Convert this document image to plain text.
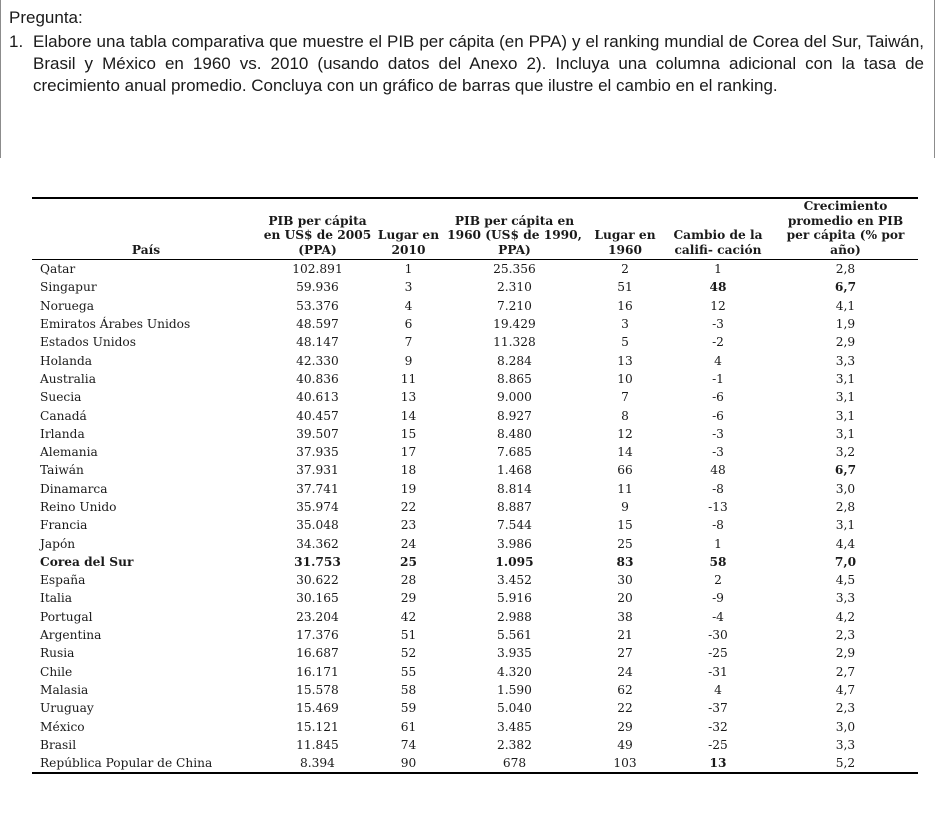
Pregunta:
1. Elabore una tabla comparativa que muestre el PIB per cápita (en PPA) y el ranking mundial de Corea del Sur, Taiwán, Brasil y México en 1960 vs. 2010 (usando datos del Anexo 2). Incluya una columna adicional con la tasa de crecimiento anual promedio. Concluya con un gráfico de barras que ilustre el cambio en el ranking.
País	PIB per cápita en US$ de 2005 (PPA)	Lugar en 2010	PIB per cápita en 1960 (US$ de 1990, PPA)	Lugar en 1960	Cambio de la califi- cación	Crecimiento promedio en PIB per cápita (% por año)
Qatar	102.891	1	25.356	2	1	2,8
Singapur	59.936	3	2.310	51	48	6,7
Noruega	53.376	4	7.210	16	12	4,1
Emiratos Árabes Unidos	48.597	6	19.429	3	-3	1,9
Estados Unidos	48.147	7	11.328	5	-2	2,9
Holanda	42.330	9	8.284	13	4	3,3
Australia	40.836	11	8.865	10	-1	3,1
Suecia	40.613	13	9.000	7	-6	3,1
Canadá	40.457	14	8.927	8	-6	3,1
Irlanda	39.507	15	8.480	12	-3	3,1
Alemania	37.935	17	7.685	14	-3	3,2
Taiwán	37.931	18	1.468	66	48	6,7
Dinamarca	37.741	19	8.814	11	-8	3,0
Reino Unido	35.974	22	8.887	9	-13	2,8
Francia	35.048	23	7.544	15	-8	3,1
Japón	34.362	24	3.986	25	1	4,4
Corea del Sur	31.753	25	1.095	83	58	7,0
España	30.622	28	3.452	30	2	4,5
Italia	30.165	29	5.916	20	-9	3,3
Portugal	23.204	42	2.988	38	-4	4,2
Argentina	17.376	51	5.561	21	-30	2,3
Rusia	16.687	52	3.935	27	-25	2,9
Chile	16.171	55	4.320	24	-31	2,7
Malasia	15.578	58	1.590	62	4	4,7
Uruguay	15.469	59	5.040	22	-37	2,3
México	15.121	61	3.485	29	-32	3,0
Brasil	11.845	74	2.382	49	-25	3,3
República Popular de China	8.394	90	678	103	13	5,2
